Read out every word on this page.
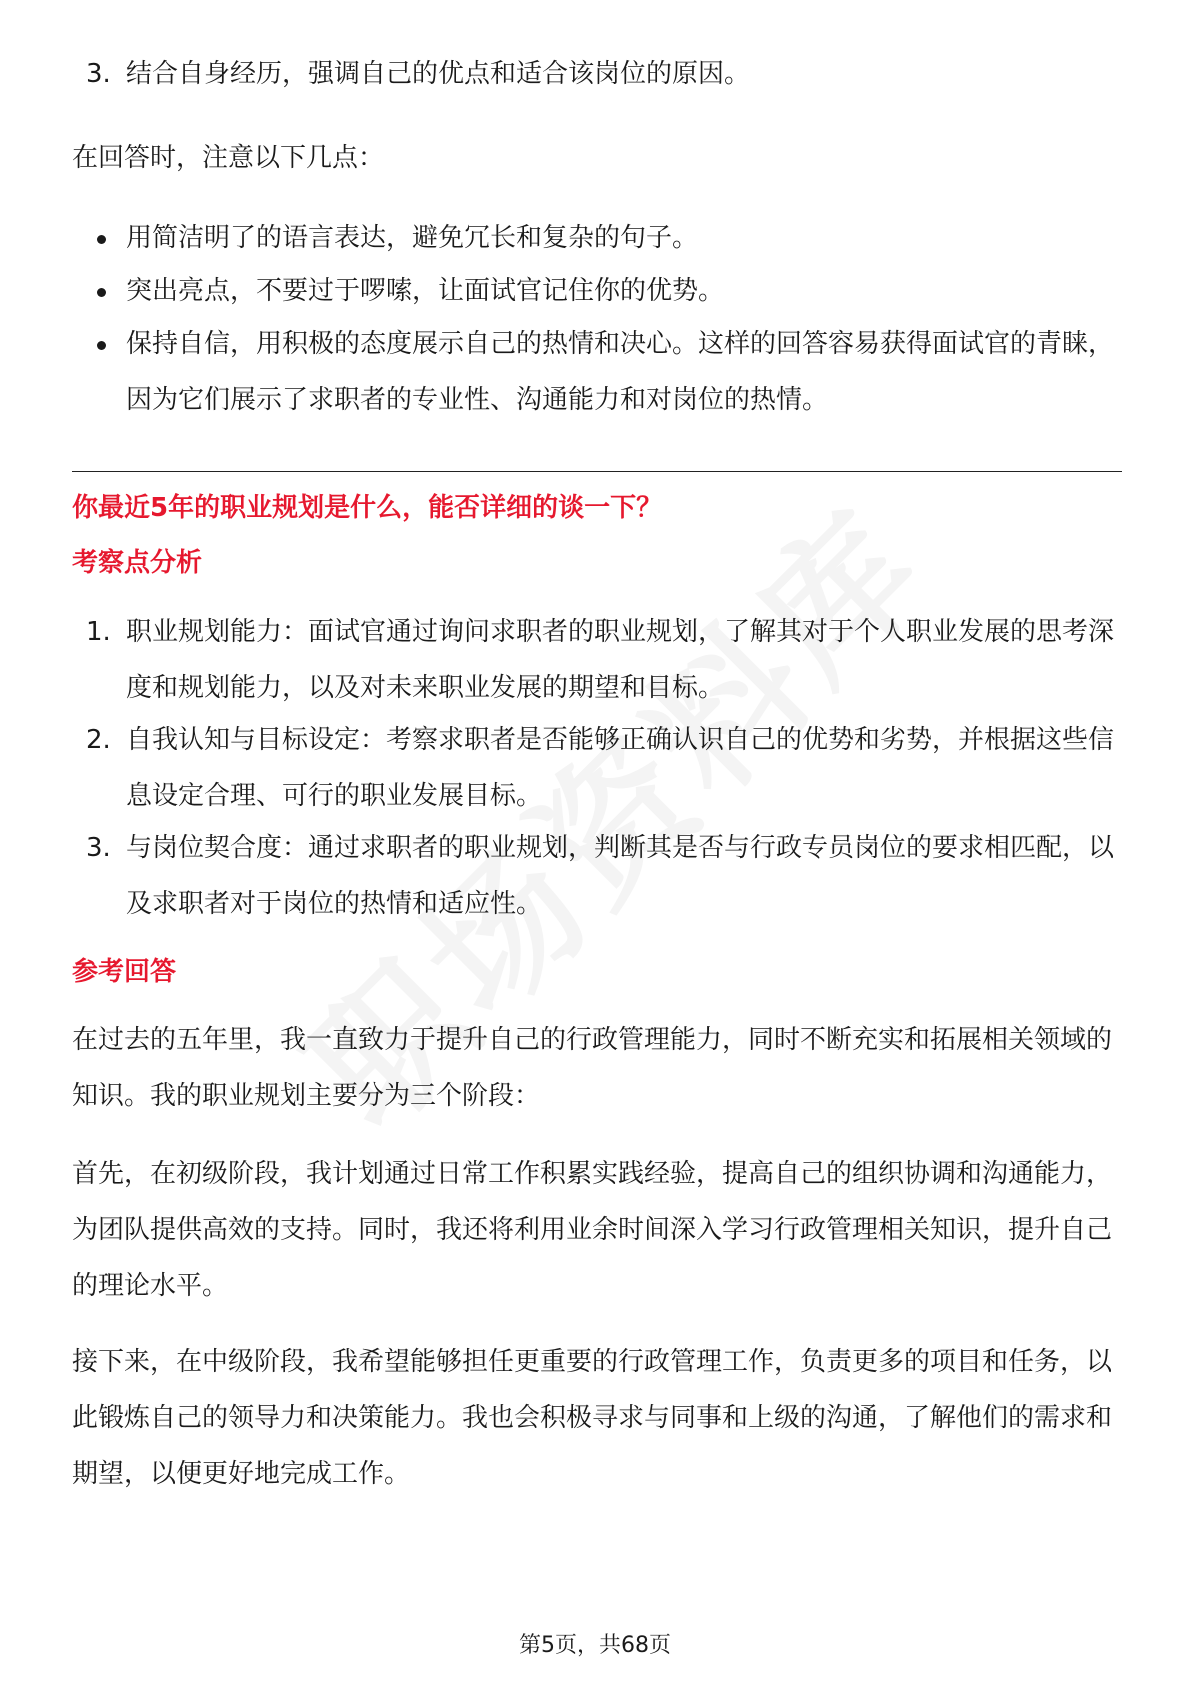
3. 结合自身经历，强调自己的优点和适合该岗位的原因。

在回答时，注意以下几点：

用简洁明了的语言表达，避免冗长和复杂的句子。
突出亮点，不要过于啰嗦，让面试官记住你的优势。
保持自信，用积极的态度展示自己的热情和决心。这样的回答容易获得面试官的青睐，因为它们展示了求职者的专业性、沟通能力和对岗位的热情。
你最近5年的职业规划是什么，能否详细的谈一下？
考察点分析
1. 职业规划能力：面试官通过询问求职者的职业规划，了解其对于个人职业发展的思考深度和规划能力，以及对未来职业发展的期望和目标。
2. 自我认知与目标设定：考察求职者是否能够正确认识自己的优势和劣势，并根据这些信息设定合理、可行的职业发展目标。
3. 与岗位契合度：通过求职者的职业规划，判断其是否与行政专员岗位的要求相匹配，以及求职者对于岗位的热情和适应性。
参考回答

在过去的五年里，我一直致力于提升自己的行政管理能力，同时不断充实和拓展相关领域的知识。我的职业规划主要分为三个阶段：

首先，在初级阶段，我计划通过日常工作积累实践经验，提高自己的组织协调和沟通能力，为团队提供高效的支持。同时，我还将利用业余时间深入学习行政管理相关知识，提升自己的理论水平。

接下来，在中级阶段，我希望能够担任更重要的行政管理工作，负责更多的项目和任务，以此锻炼自己的领导力和决策能力。我也会积极寻求与同事和上级的沟通，了解他们的需求和期望，以便更好地完成工作。

第5页，共68页
